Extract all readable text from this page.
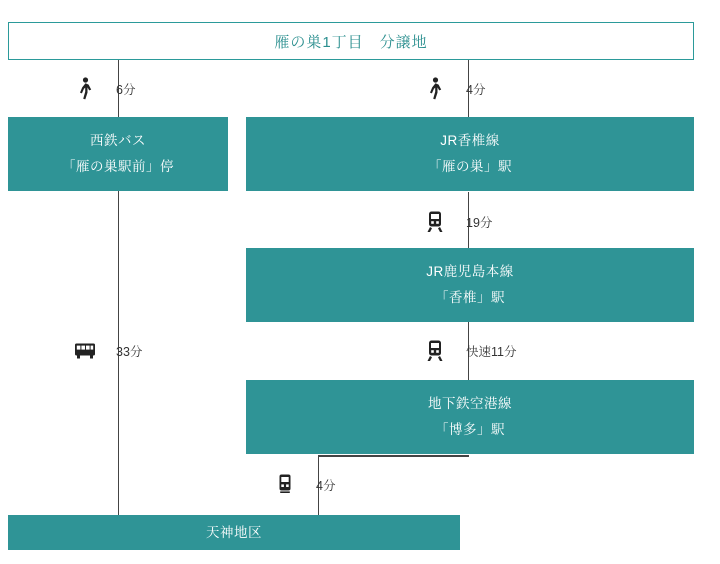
雁の巣1丁目　分譲地
6分	4分
西鉄バス
「雁の巣駅前」停
JR香椎線
「雁の巣」駅
19分
JR鹿児島本線
「香椎」駅
33分	快速11分
地下鉄空港線
「博多」駅
4分
天神地区
